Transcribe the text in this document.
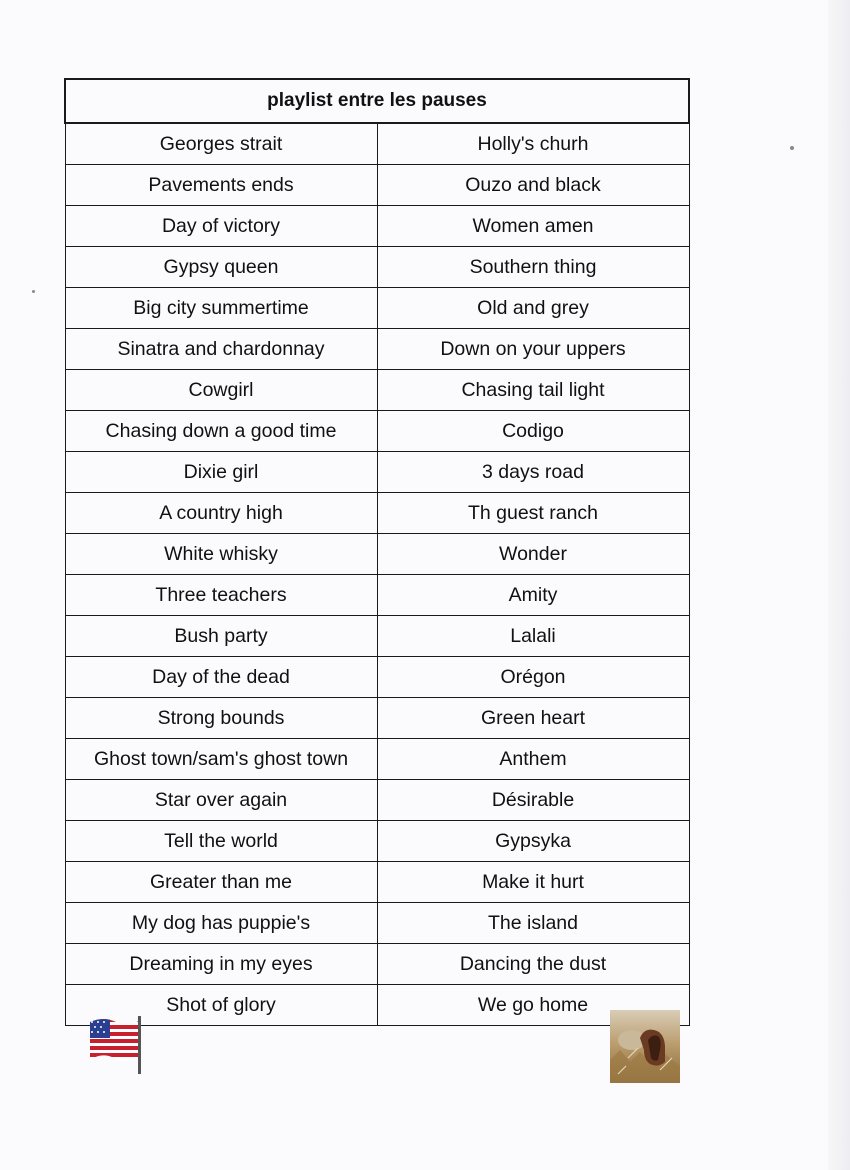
playlist entre les pauses	
Georges strait	Holly's churh
Pavements ends	Ouzo and black
Day of victory	Women amen
Gypsy queen	Southern thing
Big city summertime	Old and grey
Sinatra and chardonnay	Down on your uppers
Cowgirl	Chasing tail light
Chasing down a good time	Codigo
Dixie girl	3 days road
A country high	Th guest ranch
White whisky	Wonder
Three teachers	Amity
Bush party	Lalali
Day of the dead	Orégon
Strong bounds	Green heart
Ghost town/sam's ghost town	Anthem
Star over again	Désirable
Tell the world	Gypsyka
Greater than me	Make it hurt
My dog has puppie's	The island
Dreaming in my eyes	Dancing the dust
Shot of glory	We go home
